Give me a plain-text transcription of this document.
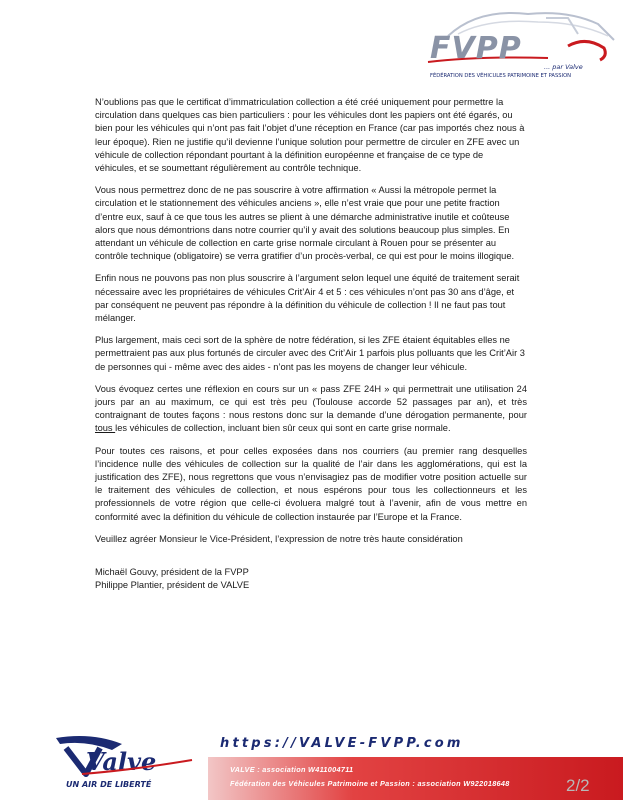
FVPP
... par Valve
FÉDÉRATION DES VÉHICULES PATRIMOINE ET PASSION

N’oublions pas que le certificat d’immatriculation collection a été créé uniquement pour permettre la circulation dans quelques cas bien particuliers : pour les véhicules dont les papiers ont été égarés, ou bien pour les véhicules qui n’ont pas fait l’objet d’une réception en France (car pas importés chez nous à leur époque). Rien ne justifie qu’il devienne l’unique solution pour permettre de circuler en ZFE avec un véhicule de collection répondant pourtant à la définition européenne et française de ce type de véhicules, et se soumettant régulièrement au contrôle technique.

Vous nous permettrez donc de ne pas souscrire à votre affirmation « Aussi la métropole permet la circulation et le stationnement des véhicules anciens », elle n’est vraie que pour une petite fraction d’entre eux, sauf à ce que tous les autres se plient à une démarche administrative inutile et coûteuse alors que nous démontrions dans notre courrier qu’il y avait des solutions beaucoup plus simples. En attendant un véhicule de collection en carte grise normale circulant à Rouen pour se présenter au contrôle technique (obligatoire) se verra gratifier d’un procès-verbal, ce qui est pour le moins illogique.

Enfin nous ne pouvons pas non plus souscrire à l’argument selon lequel une équité de traitement serait nécessaire avec les propriétaires de véhicules Crit’Air 4 et 5 : ces véhicules n’ont pas 30 ans d’âge, et par conséquent ne peuvent pas répondre à la définition du véhicule de collection ! Il ne faut pas tout mélanger.

Plus largement, mais ceci sort de la sphère de notre fédération, si les ZFE étaient équitables elles ne permettraient pas aux plus fortunés de circuler avec des Crit’Air 1 parfois plus polluants que les Crit’Air 3 de personnes qui - même avec des aides - n’ont pas les moyens de changer leur véhicule.

Vous évoquez certes une réflexion en cours sur un « pass ZFE 24H » qui permettrait une utilisation 24 jours par an au maximum, ce qui est très peu (Toulouse accorde 52 passages par an), et très contraignant de toutes façons : nous restons donc sur la demande d’une dérogation permanente, pour tous les véhicules de collection, incluant bien sûr ceux qui sont en carte grise normale.

Pour toutes ces raisons, et pour celles exposées dans nos courriers (au premier rang desquelles l’incidence nulle des véhicules de collection sur la qualité de l’air dans les agglomérations, qui est la justification des ZFE), nous regrettons que vous n’envisagiez pas de modifier votre position actuelle sur le traitement des véhicules de collection, et nous espérons pour tous les collectionneurs et les professionnels de votre région que celle-ci évoluera malgré tout à l’avenir, afin de vous mettre en conformité avec la définition du véhicule de collection instaurée par l’Europe et la France.

Veuillez agréer Monsieur le Vice-Président, l’expression de notre très haute considération

Michaël Gouvy, président de la FVPP
Philippe Plantier, président de VALVE
Valve
UN AIR DE LIBERTÉ
https://VALVE-FVPP.com
VALVE : association W411004711
Fédération des Véhicules Patrimoine et Passion : association W922018648	2/2
